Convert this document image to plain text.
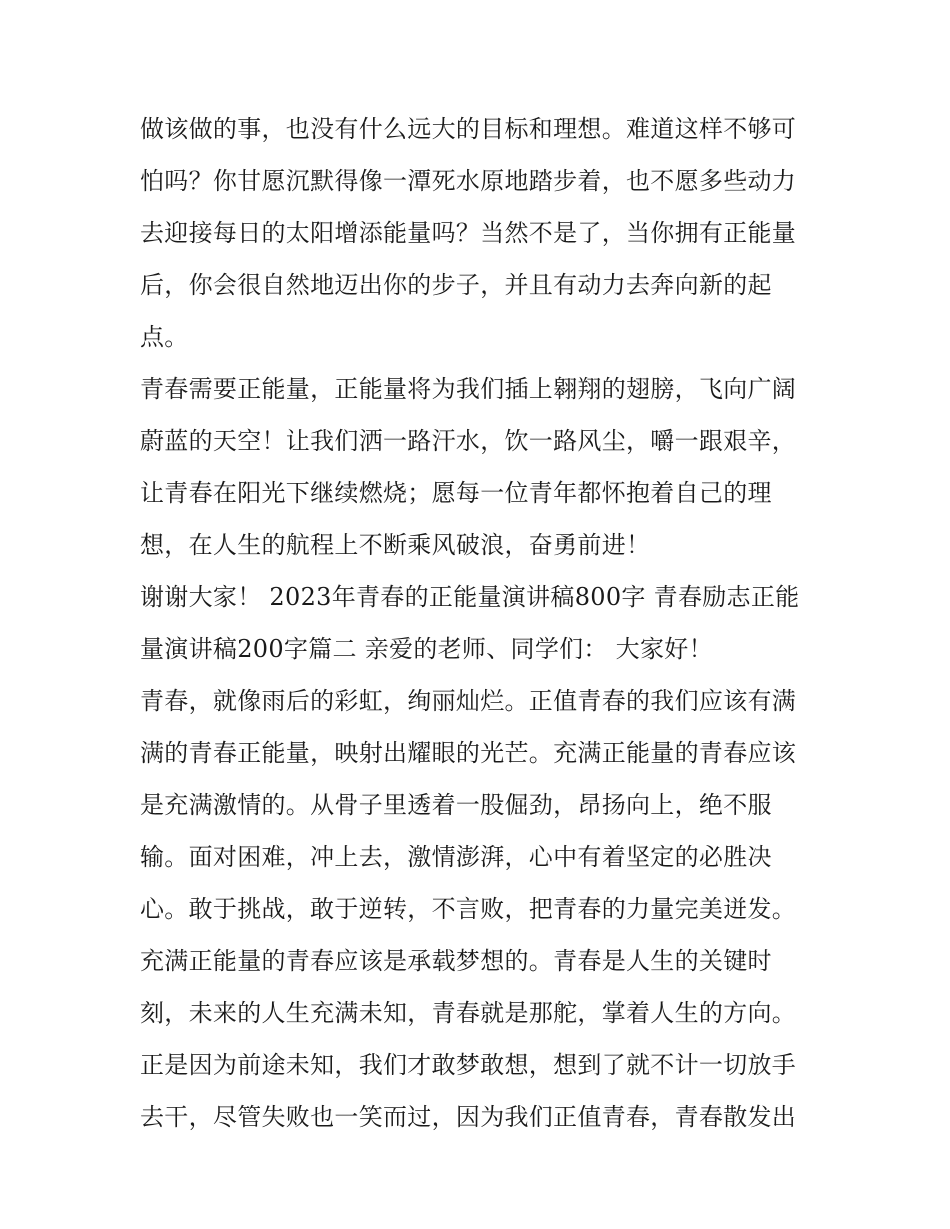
做该做的事，也没有什么远大的目标和理想。难道这样不够可
怕吗？你甘愿沉默得像一潭死水原地踏步着，也不愿多些动力
去迎接每日的太阳增添能量吗？当然不是了，当你拥有正能量
后，你会很自然地迈出你的步子，并且有动力去奔向新的起
点。
青春需要正能量，正能量将为我们插上翱翔的翅膀，飞向广阔
蔚蓝的天空！让我们洒一路汗水，饮一路风尘，嚼一跟艰辛，
让青春在阳光下继续燃烧；愿每一位青年都怀抱着自己的理
想，在人生的航程上不断乘风破浪，奋勇前进！
谢谢大家！ 2023年青春的正能量演讲稿800字 青春励志正能
量演讲稿200字篇二 亲爱的老师、同学们： 大家好！
青春，就像雨后的彩虹，绚丽灿烂。正值青春的我们应该有满
满的青春正能量，映射出耀眼的光芒。充满正能量的青春应该
是充满激情的。从骨子里透着一股倔劲，昂扬向上，绝不服
输。面对困难，冲上去，激情澎湃，心中有着坚定的必胜决
心。敢于挑战，敢于逆转，不言败，把青春的力量完美迸发。
充满正能量的青春应该是承载梦想的。青春是人生的关键时
刻，未来的人生充满未知，青春就是那舵，掌着人生的方向。
正是因为前途未知，我们才敢梦敢想，想到了就不计一切放手
去干，尽管失败也一笑而过，因为我们正值青春，青春散发出
